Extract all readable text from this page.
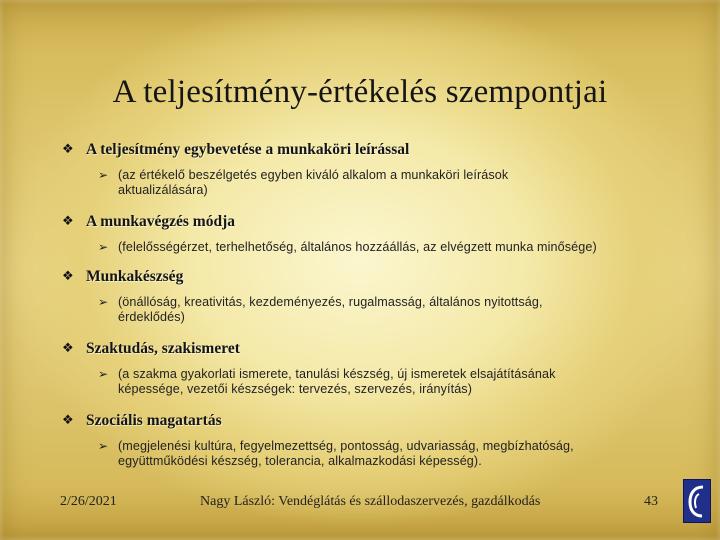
A teljesítmény-értékelés szempontjai
❖ A teljesítmény egybevetése a munkaköri leírással
➢ (az értékelő beszélgetés egyben kiváló alkalom a munkaköri leírások
aktualizálására)
❖ A munkavégzés módja
➢ (felelősségérzet, terhelhetőség, általános hozzáállás, az elvégzett munka minősége)
❖ Munkakészség
➢ (önállóság, kreativitás, kezdeményezés, rugalmasság, általános nyitottság,
érdeklődés)
❖ Szaktudás, szakismeret
➢ (a szakma gyakorlati ismerete, tanulási készség, új ismeretek elsajátításának
képessége, vezetői készségek: tervezés, szervezés, irányítás)
❖ Szociális magatartás
➢ (megjelenési kultúra, fegyelmezettség, pontosság, udvariasság, megbízhatóság,
együttműködési készség, tolerancia, alkalmazkodási képesség).
2/26/2021	Nagy László: Vendéglátás és szállodaszervezés, gazdálkodás	43
